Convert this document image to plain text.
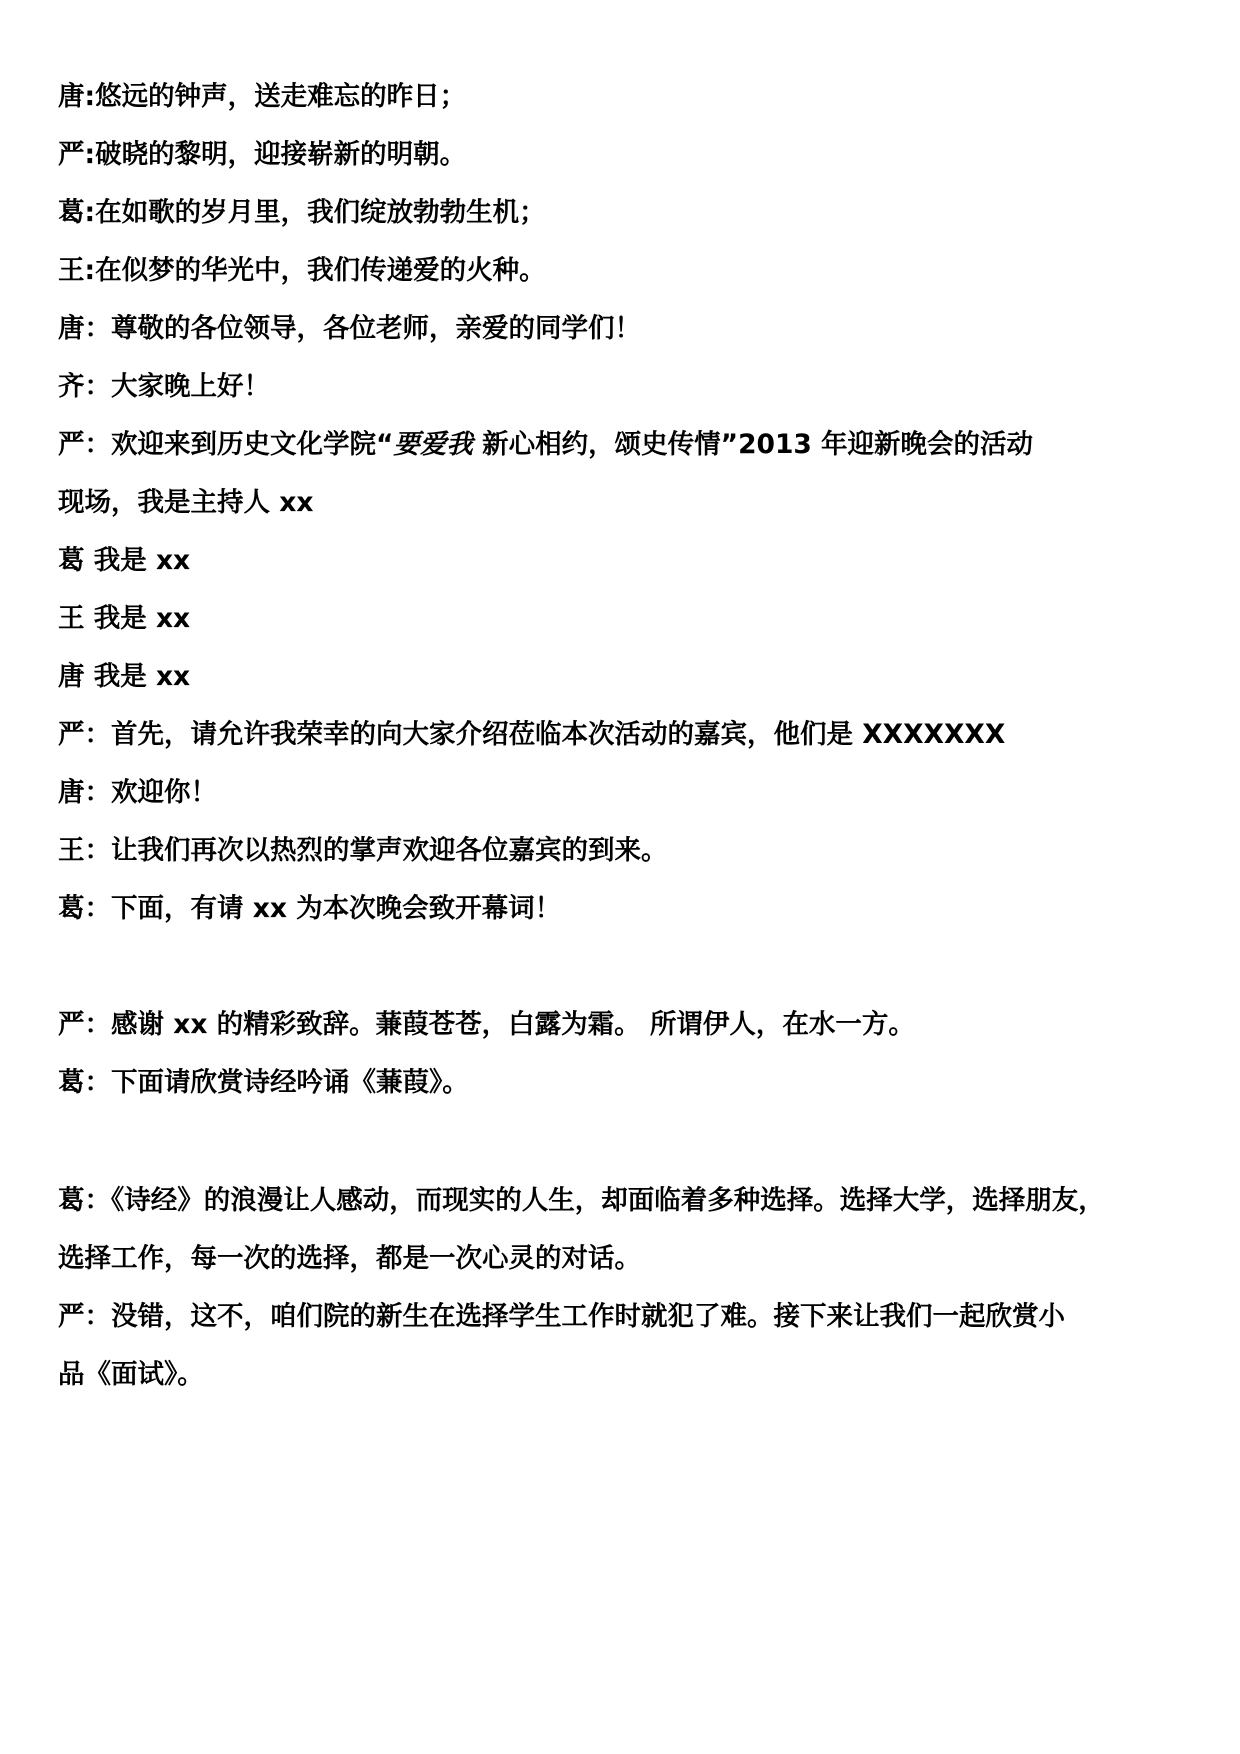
唐:悠远的钟声，送走难忘的昨日；
严:破晓的黎明，迎接崭新的明朝。
葛:在如歌的岁月里，我们绽放勃勃生机；
王:在似梦的华光中，我们传递爱的火种。
唐：尊敬的各位领导，各位老师，亲爱的同学们！
齐：大家晚上好！
严：欢迎来到历史文化学院“要爱我 新心相约，颂史传情”2013 年迎新晚会的活动
现场，我是主持人 xx
葛 我是 xx
王 我是 xx
唐 我是 xx
严：首先，请允许我荣幸的向大家介绍莅临本次活动的嘉宾，他们是 XXXXXXX
唐：欢迎你！
王：让我们再次以热烈的掌声欢迎各位嘉宾的到来。
葛：下面，有请 xx 为本次晚会致开幕词！
严：感谢 xx 的精彩致辞。蒹葭苍苍，白露为霜。 所谓伊人，在水一方。
葛：下面请欣赏诗经吟诵《蒹葭》。
葛：《诗经》的浪漫让人感动，而现实的人生，却面临着多种选择。选择大学，选择朋友，
选择工作，每一次的选择，都是一次心灵的对话。
严：没错，这不，咱们院的新生在选择学生工作时就犯了难。接下来让我们一起欣赏小
品《面试》。
